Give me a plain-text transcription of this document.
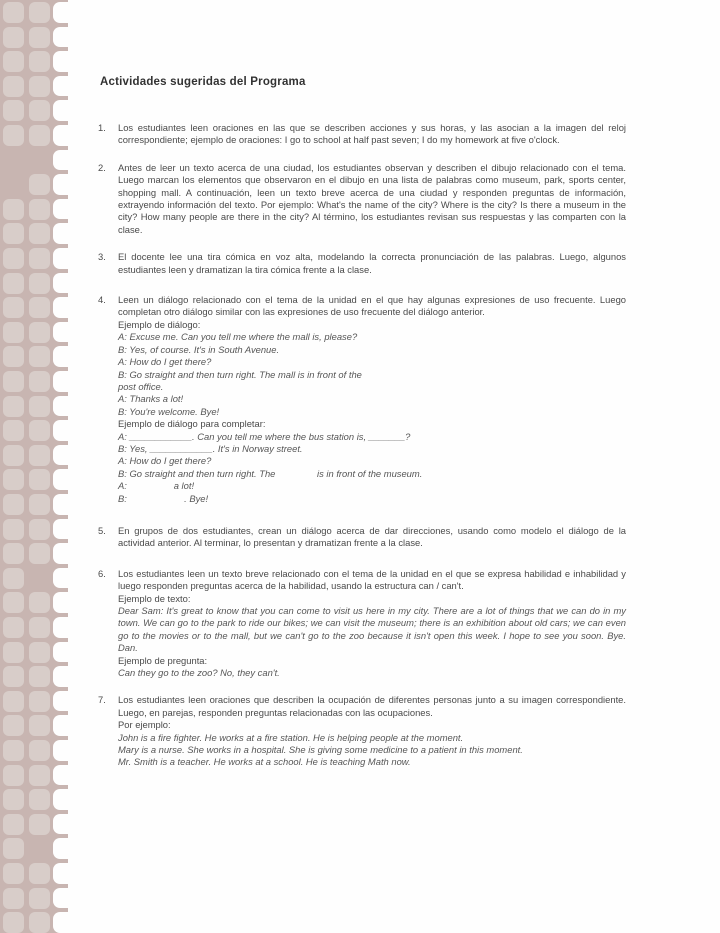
Actividades sugeridas del Programa
1.	Los estudiantes leen oraciones en las que se describen acciones y sus horas, y las asocian a la imagen del reloj correspondiente; ejemplo de oraciones: I go to school at half past seven; I do my homework at five o'clock.

2.	Antes de leer un texto acerca de una ciudad, los estudiantes observan y describen el dibujo relacionado con el tema. Luego marcan los elementos que observaron en el dibujo en una lista de palabras como museum, park, sports center, shopping mall. A continuación, leen un texto breve acerca de una ciudad y responden preguntas de información, extrayendo información del texto. Por ejemplo: What's the name of the city? Where is the city? Is there a museum in the city? How many people are there in the city? Al término, los estudiantes revisan sus respuestas y las comparten con la clase.

3.	El docente lee una tira cómica en voz alta, modelando la correcta pronunciación de las palabras. Luego, algunos estudiantes leen y dramatizan la tira cómica frente a la clase.

4.	Leen un diálogo relacionado con el tema de la unidad en el que hay algunas expresiones de uso frecuente. Luego completan otro diálogo similar con las expresiones de uso frecuente del diálogo anterior.

Ejemplo de diálogo:

A: Excuse me. Can you tell me where the mall is, please?

B: Yes, of course. It's in South Avenue.

A: How do I get there?

B: Go straight and then turn right. The mall is in front of the

post office.

A: Thanks a lot!

B: You're welcome. Bye!

Ejemplo de diálogo para completar:

A: ____________. Can you tell me where the bus station is, _______?

B: Yes, ____________. It's in Norway street.

A: How do I get there?

B: Go straight and then turn right. The                is in front of the museum.

A:                  a lot!

B:                      . Bye!

5.	En grupos de dos estudiantes, crean un diálogo acerca de dar direcciones, usando como modelo el diálogo de la actividad anterior. Al terminar, lo presentan y dramatizan frente a la clase.

6.	Los estudiantes leen un texto breve relacionado con el tema de la unidad en el que se expresa habilidad e inhabilidad y luego responden preguntas acerca de la habilidad, usando la estructura can / can't.

Ejemplo de texto:

Dear Sam: It's great to know that you can come to visit us here in my city. There are a lot of things that we can do in my town. We can go to the park to ride our bikes; we can visit the museum; there is an exhibition about old cars; we can even go to the movies or to the mall, but we can't go to the zoo because it isn't open this week. I hope to see you soon. Bye. Dan.

Ejemplo de pregunta:

Can they go to the zoo? No, they can't.

7.	Los estudiantes leen oraciones que describen la ocupación de diferentes personas junto a su imagen correspondiente. Luego, en parejas, responden preguntas relacionadas con las ocupaciones.

Por ejemplo:

John is a fire fighter. He works at a fire station. He is helping people at the moment.

Mary is a nurse. She works in a hospital. She is giving some medicine to a patient in this moment.

Mr. Smith is a teacher. He works at a school. He is teaching Math now.
